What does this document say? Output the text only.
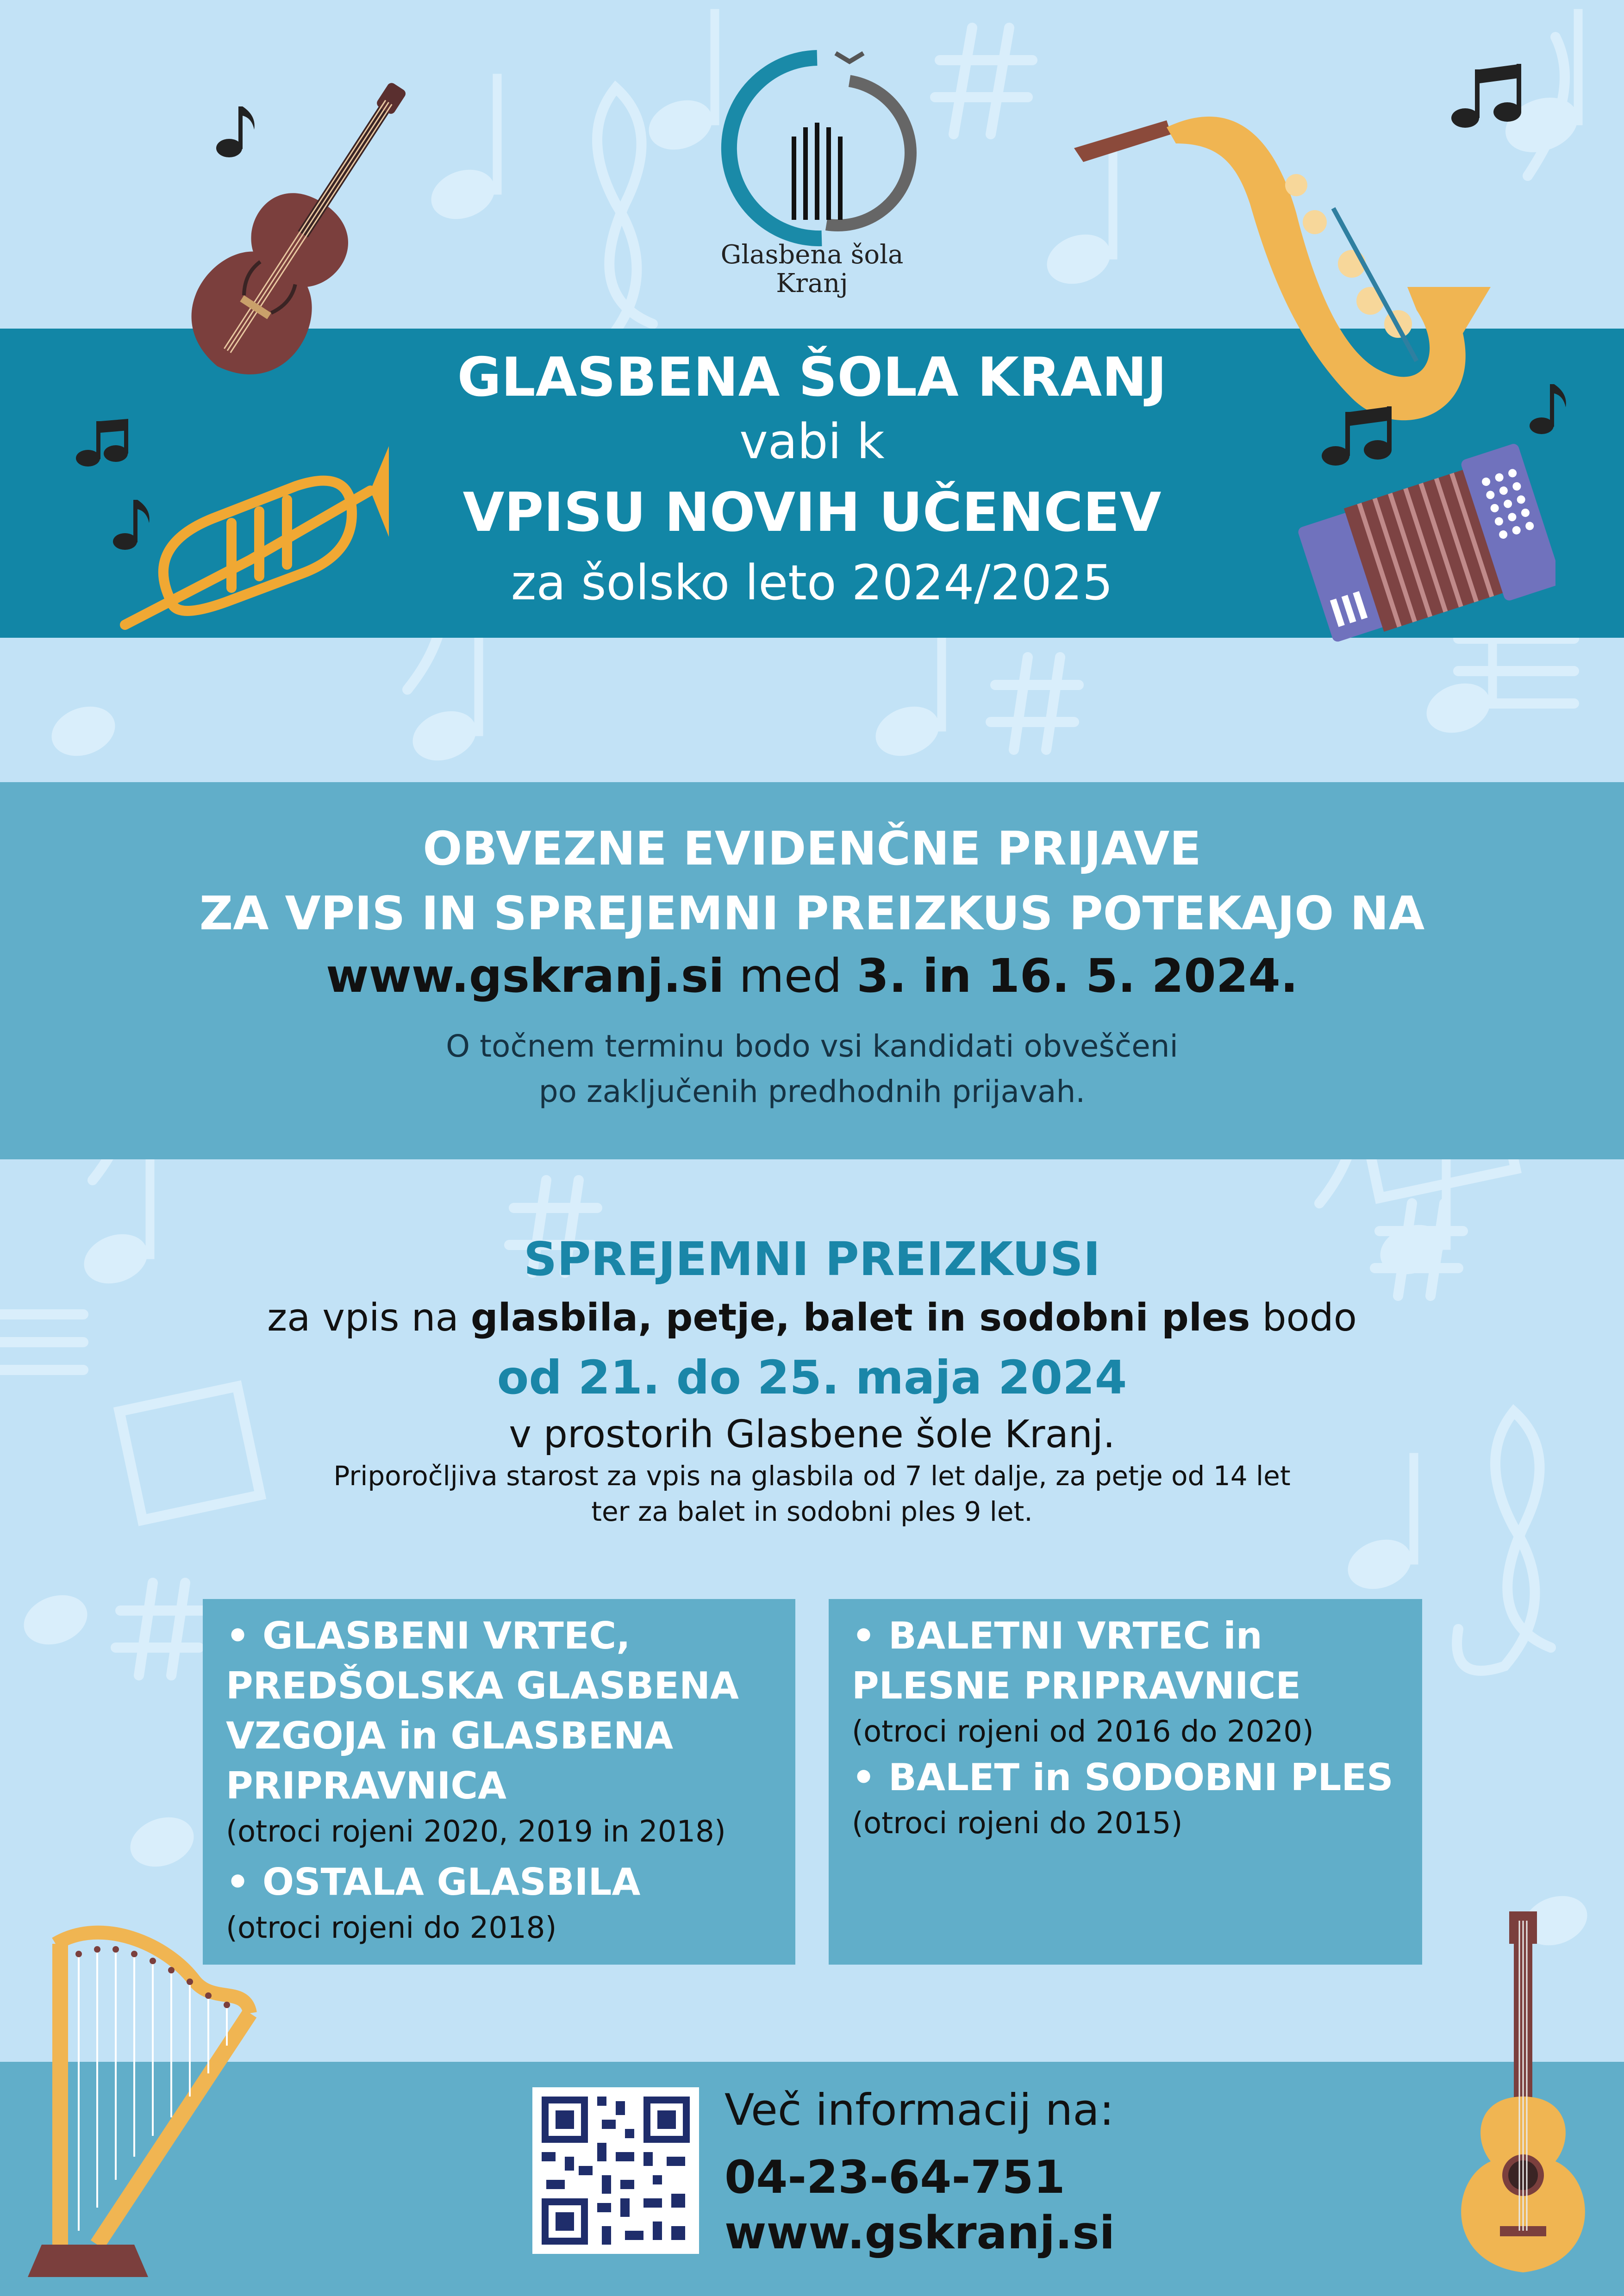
Glasbena šola
Kranj
GLASBENA ŠOLA KRANJ
vabi k
VPISU NOVIH UČENCEV
za šolsko leto 2024/2025
OBVEZNE EVIDENČNE PRIJAVE
ZA VPIS IN SPREJEMNI PREIZKUS POTEKAJO NA
www.gskranj.si med 3. in 16. 5. 2024.
O točnem terminu bodo vsi kandidati obveščeni
po zaključenih predhodnih prijavah.
SPREJEMNI PREIZKUSI
za vpis na glasbila, petje, balet in sodobni ples bodo
od 21. do 25. maja 2024
v prostorih Glasbene šole Kranj.
Priporočljiva starost za vpis na glasbila od 7 let dalje, za petje od 14 let
ter za balet in sodobni ples 9 let.
• GLASBENI VRTEC,
PREDŠOLSKA GLASBENA
VZGOJA in GLASBENA
PRIPRAVNICA
(otroci rojeni 2020, 2019 in 2018)
• OSTALA GLASBILA
(otroci rojeni do 2018)
• BALETNI VRTEC in
PLESNE PRIPRAVNICE
(otroci rojeni od 2016 do 2020)
• BALET in SODOBNI PLES
(otroci rojeni do 2015)
Več informacij na:
04-23-64-751
www.gskranj.si
